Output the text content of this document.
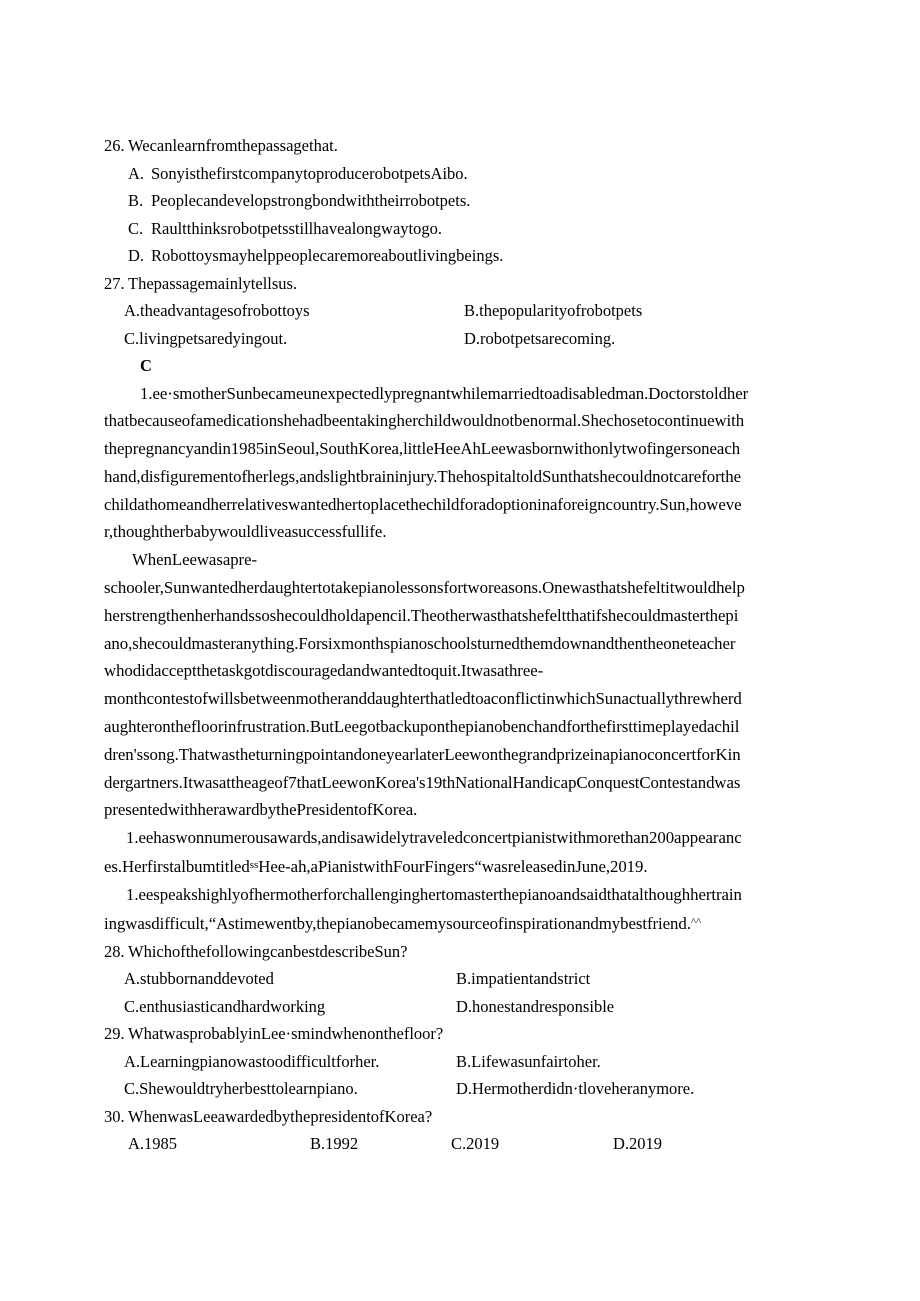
26. Wecanlearnfromthepassagethat.
A. SonyisthefirstcompanytoproducerobotpetsAibo.
B. Peoplecandevelopstrongbondwiththeirrobotpets.
C. Raultthinksrobotpetsstillhavealongwaytogo.
D. Robottoysmayhelppeoplecaremoreaboutlivingbeings.
27. Thepassagemainlytellsus.
A.theadvantagesofrobottoys	B.thepopularityofrobotpets
C.livingpetsaredyingout.	D.robotpetsarecoming.
C
1.ee·smotherSunbecameunexpectedlypregnantwhilemarriedtoadisabledman.Doctorstoldher
thatbecauseofamedicationshehadbeentakingherchildwouldnotbenormal.Shechosetocontinuewith
thepregnancyandin1985inSeoul,SouthKorea,littleHeeAhLeewasbornwithonlytwofingersoneach
hand,disfigurementofherlegs,andslightbraininjury.ThehospitaltoldSunthatshecouldnotcareforthe
childathomeandherrelativeswantedhertoplacethechildforadoptioninaforeigncountry.Sun,howeve
r,thoughtherbabywouldliveasuccessfullife.
WhenLeewasapre-
schooler,Sunwantedherdaughtertotakepianolessonsfortworeasons.Onewasthatshefeltitwouldhelp
herstrengthenherhandssoshecouldholdapencil.Theotherwasthatshefeltthatifshecouldmasterthepi
ano,shecouldmasteranything.Forsixmonthspianoschoolsturnedthemdownandthentheoneteacher
whodidacceptthetaskgotdiscouragedandwantedtoquit.Itwasathree-
monthcontestofwillsbetweenmotheranddaughterthatledtoaconflictinwhichSunactuallythrewherd
aughteronthefloorinfrustration.ButLeegotbackuponthepianobenchandforthefirsttimeplayedachil
dren'ssong.ThatwastheturningpointandoneyearlaterLeewonthegrandprizeinapianoconcertforKin
dergartners.Itwasattheageof7thatLeewonKorea's19thNationalHandicapConquestContestandwas
presentedwithherawardbythePresidentofKorea.
1.eehaswonnumerousawards,andisawidelytraveledconcertpianistwithmorethan200appearanc
es.Herfirstalbumtitled$^{ss}$Hee-ah,aPianistwithFourFingers“wasreleasedinJune,2019.
1.eespeakshighlyofhermotherforchallenginghertomasterthepianoandsaidthatalthoughhertrain
ingwasdifficult,“Astimewentby,thepianobecamemysourceofinspirationandmybestfriend.^^
28. WhichofthefollowingcanbestdescribeSun?
A.stubbornanddevoted	B.impatientandstrict
C.enthusiasticandhardworking	D.honestandresponsible
29. WhatwasprobablyinLee·smindwhenonthefloor?
A.Learningpianowastoodifficultforher.	B.Lifewasunfairtoher.
C.Shewouldtryherbesttolearnpiano.	D.Hermotherdidn·tloveheranymore.
30. WhenwasLeeawardedbythepresidentofKorea?
A.1985	B.1992	C.2019	D.2019
